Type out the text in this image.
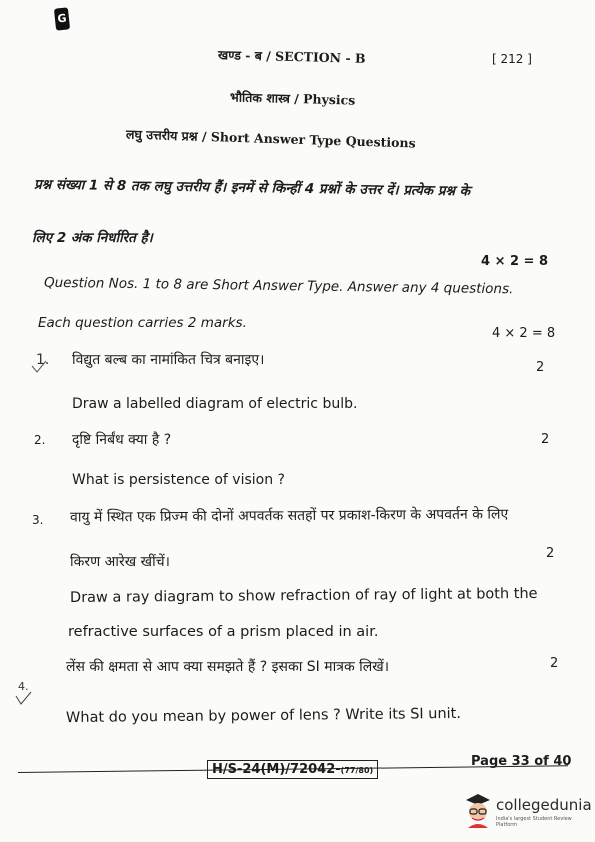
G
खण्ड - ब / SECTION - B	[ 212 ]
भौतिक शास्त्र / Physics
लघु उत्तरीय प्रश्न / Short Answer Type Questions
प्रश्न संख्या 1 से 8 तक लघु उत्तरीय हैं। इनमें से किन्हीं 4 प्रश्नों के उत्तर दें। प्रत्येक प्रश्न के
लिए 2 अंक निर्धारित है।
4 × 2 = 8
Question Nos. 1 to 8 are Short Answer Type. Answer any 4 questions.
Each question carries 2 marks.
4 × 2 = 8
1. विद्युत बल्ब का नामांकित चित्र बनाइए।	2
Draw a labelled diagram of electric bulb.
2. दृष्टि निर्बंध क्या है ?	2
What is persistence of vision ?
3. वायु में स्थित एक प्रिज्म की दोनों अपवर्तक सतहों पर प्रकाश-किरण के अपवर्तन के लिए
किरण आरेख खींचें।
2
Draw a ray diagram to show refraction of ray of light at both the
refractive surfaces of a prism placed in air.
4.
लेंस की क्षमता से आप क्या समझते हैं ? इसका SI मात्रक लिखें।	2
What do you mean by power of lens ? Write its SI unit.
H/S-24(M)/72042-(77/80)
Page 33 of 40
collegedunia
India's largest Student Review Platform
